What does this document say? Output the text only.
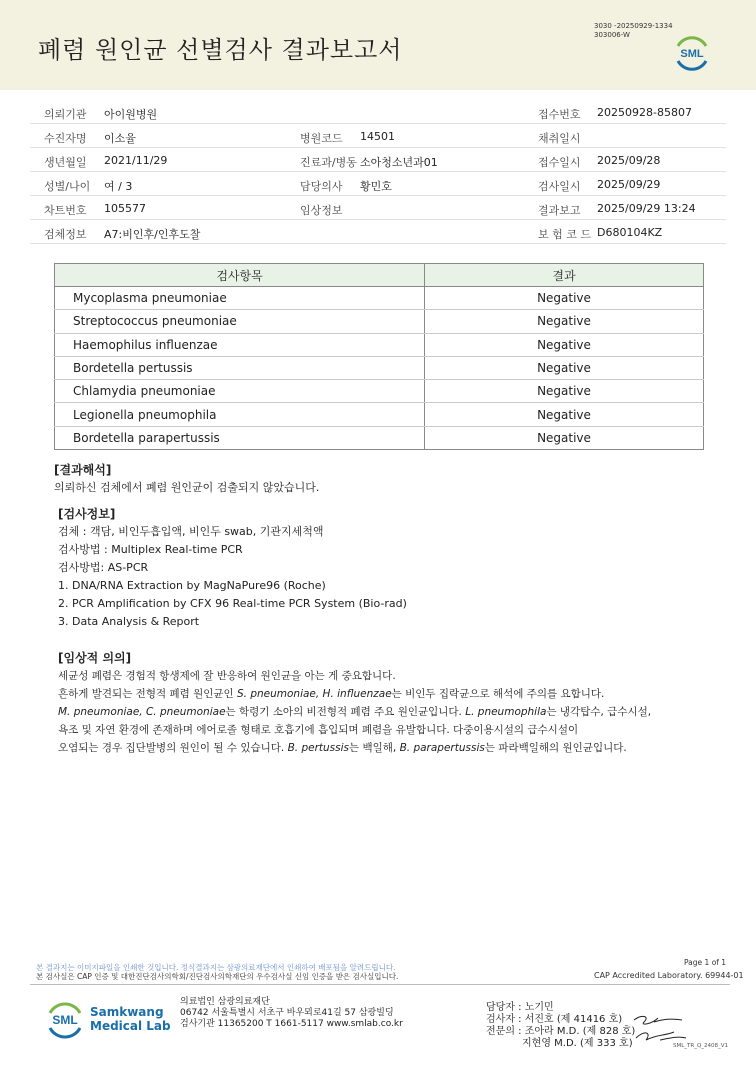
폐렴 원인균 선별검사 결과보고서
3030 -20250929-1334
303006-W
SML
의뢰기관 아이원병원	접수번호 20250928-85807
수진자명 이소율	병원코드 14501	채취일시
생년월일 2021/11/29	진료과/병동 소아청소년과01	접수일시 2025/09/28
성별/나이 여 / 3	담당의사 황민호	검사일시 2025/09/29
차트번호 105577	임상정보	결과보고 2025/09/29 13:24
검체정보 A7:비인후/인후도찰	보 험 코 드 D680104KZ
검사항목	결과
Mycoplasma pneumoniae	Negative
Streptococcus pneumoniae	Negative
Haemophilus influenzae	Negative
Bordetella pertussis	Negative
Chlamydia pneumoniae	Negative
Legionella pneumophila	Negative
Bordetella parapertussis	Negative
[결과해석]
의뢰하신 검체에서 폐렴 원인균이 검출되지 않았습니다.
[검사정보]
검체 : 객담, 비인두흡입액, 비인두 swab, 기관지세척액
검사방법 : Multiplex Real-time PCR
검사방법: AS-PCR
1. DNA/RNA Extraction by MagNaPure96 (Roche)
2. PCR Amplification by CFX 96 Real-time PCR System (Bio-rad)
3. Data Analysis & Report
[임상적 의의]
세균성 폐렴은 경험적 항생제에 잘 반응하여 원인균을 아는 게 중요합니다.
흔하게 발견되는 전형적 폐렴 원인균인 S. pneumoniae, H. influenzae는 비인두 집락균으로 해석에 주의를 요합니다.
M. pneumoniae, C. pneumoniae는 학령기 소아의 비전형적 폐렴 주요 원인균입니다. L. pneumophila는 냉각탑수, 급수시설,
욕조 및 자연 환경에 존재하며 에어로졸 형태로 호흡기에 흡입되며 폐렴을 유발합니다. 다중이용시설의 급수시설이
오염되는 경우 집단발병의 원인이 될 수 있습니다. B. pertussis는 백일해, B. parapertussis는 파라백일해의 원인균입니다.
Page 1 of 1
본 결과지는 이미지파일을 인쇄한 것입니다. 정식결과지는 삼광의료재단에서 인쇄하여 배포됨을 알려드립니다.
본 검사실은 CAP 인증 및 대한진단검사의학회/진단검사의학재단의 우수검사실 신임 인증을 받은 검사실입니다.	CAP Accredited Laboratory. 69944-01
SML
Samkwang
Medical Lab
의료법인 삼광의료재단
06742 서울특별시 서초구 바우뫼로41길 57 삼광빌딩
검사기관 11365200 T 1661-5117 www.smlab.co.kr
담당자 : 노기민
검사자 : 서진호 (제 41416 호)
전문의 : 조아라 M.D. (제 828 호)
지현영 M.D. (제 333 호)	SML_TR_Q_2408_V1
